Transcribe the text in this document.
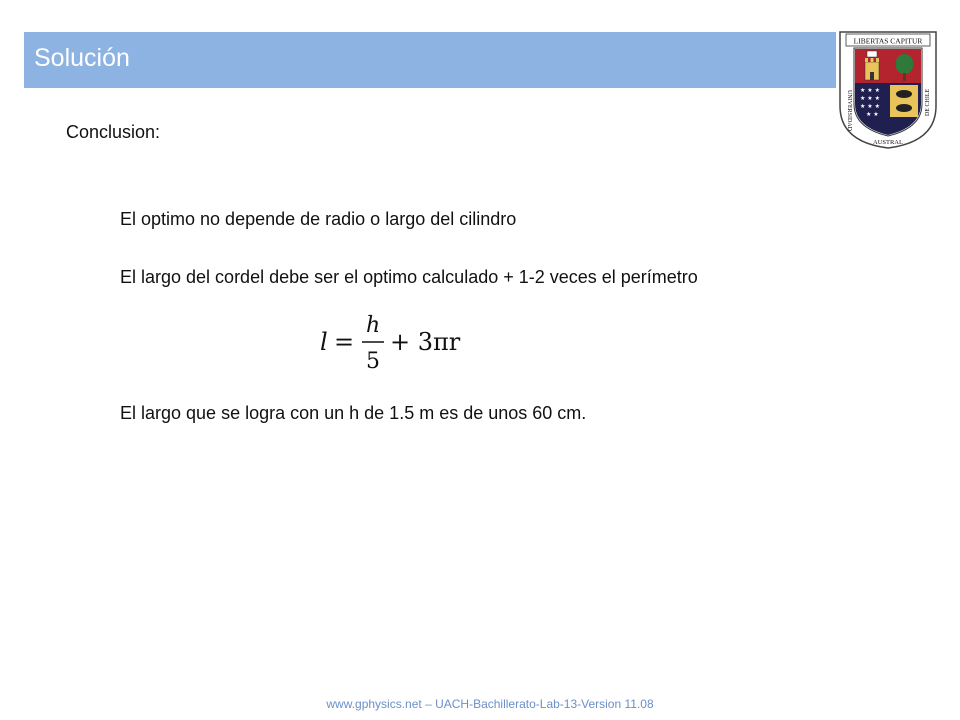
Solución
LIBERTAS CAPITUR
★ ★ ★
★ ★ ★
★ ★ ★
★ ★
UNIVERSIDAD
AUSTRAL
DE CHILE
Conclusion:
El optimo no depende de radio o largo del cilindro
El largo del cordel debe ser el optimo calculado + 1-2 veces el perímetro
l =
h
5
+ 3πr
El largo que se logra con un h de 1.5 m es de unos 60 cm.
www.gphysics.net – UACH-Bachillerato-Lab-13-Version 11.08
